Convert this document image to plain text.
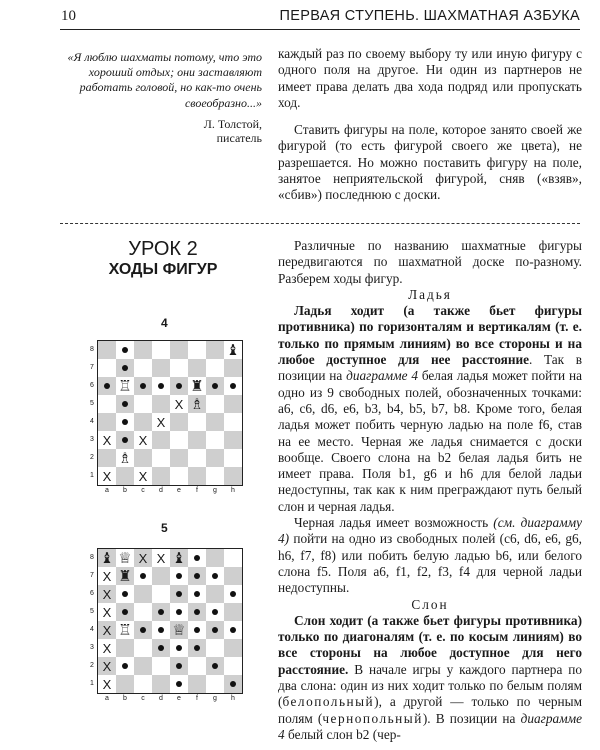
10	ПЕРВАЯ СТУПЕНЬ. ШАХМАТНАЯ АЗБУКА
«Я люблю шахматы потому, что это хороший отдых; они заставляют работать головой, но как-то очень своеобразно...»
Л. Толстой,
писатель

каждый раз по своему выбору ту или иную фигуру с одного поля на другое. Ни один из партнеров не имеет права делать два хода подряд или пропускать ход.

Ставить фигуры на поле, которое занято своей же фигурой (то есть фигурой своего же цвета), не разрешается. Но можно поставить фигуру на поле, занятое неприятельской фигурой, сняв («взяв», «сбив») последнюю с доски.

УРОК 2
ХОДЫ ФИГУР

Различные по названию шахматные фигуры передвигаются по шахматной доске по-разному. Разберем ходы фигур.

Ладья

Ладья ходит (а также бьет фигуры противника) по горизонталям и вертикалям (т. е. только по прямым линиям) во все стороны и на любое доступное для нее расстояние. Так в позиции на диаграмме 4 белая ладья может пойти на одно из 9 свободных полей, обозначенных точками: a6, c6, d6, e6, b3, b4, b5, b7, b8. Кроме того, белая ладья может побить черную ладью на поле f6, став на ее место. Черная же ладья снимается с доски вообще. Своего слона на b2 белая ладья бить не имеет права. Поля b1, g6 и h6 для белой ладьи недоступны, так как к ним преграждают путь белый слон и черная ладья.

Черная ладья имеет возможность (см. диаграмму 4) пойти на одно из свободных полей (c6, d6, e6, g6, h6, f7, f8) или побить белую ладью b6, или белого слона f5. Поля a6, f1, f2, f3, f4 для черной ладьи недоступны.

Слон

Слон ходит (а также бьет фигуры противника) только по диагоналям (т. е. по косым линиям) во все стороны на любое доступное для него расстояние. В начале игры у каждого партнера по два слона: один из них ходит только по белым полям (белопольный), а другой — только по черным полям (чернопольный). В позиции на диаграмме 4 белый слон b2 (чер-

4
8
7
6
5
4
3
2
1
♝
♖	♜
X ♗
X
X X
♗
X X
a	b	c	d	e	f	g	h
5
8
7
6
5
4
3
2
1
♝ ♕ X X ♝
X ♜
X
X
X ♖	♕
X
X
X
a	b	c	d	e	f	g	h
